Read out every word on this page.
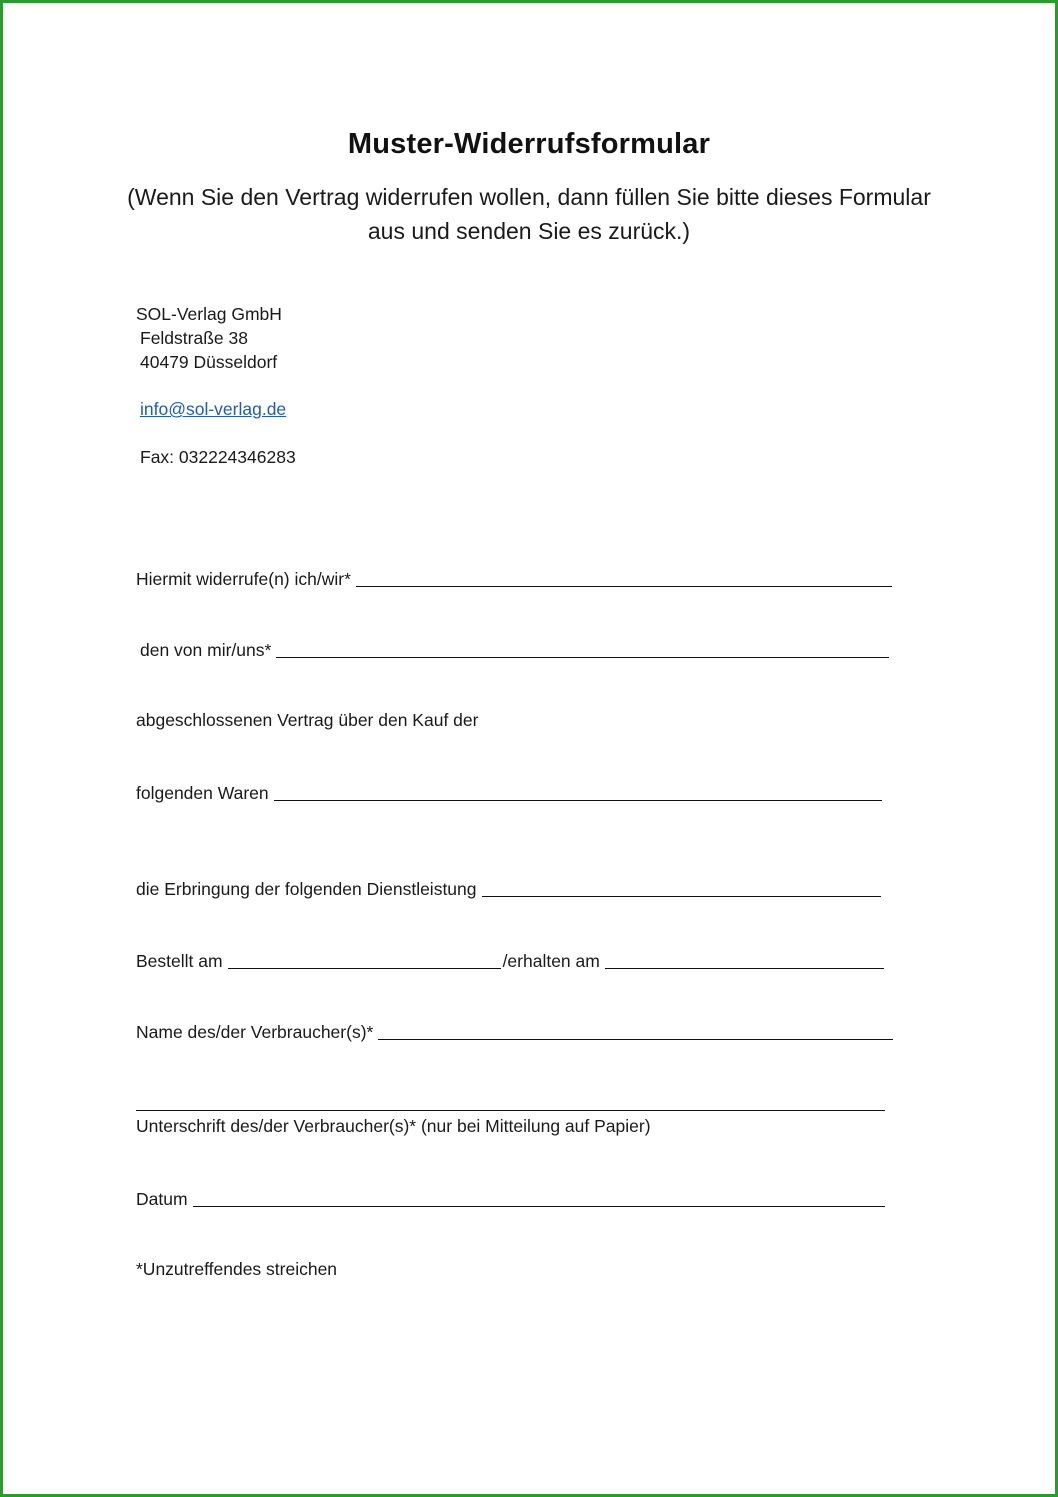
Muster-Widerrufsformular
(Wenn Sie den Vertrag widerrufen wollen, dann füllen Sie bitte dieses Formular
aus und senden Sie es zurück.)
SOL-Verlag GmbH
Feldstraße 38
40479 Düsseldorf
info@sol-verlag.de
Fax: 032224346283
Hiermit widerrufe(n) ich/wir*
den von mir/uns*
abgeschlossenen Vertrag über den Kauf der
folgenden Waren
die Erbringung der folgenden Dienstleistung
Bestellt am	/erhalten am
Name des/der Verbraucher(s)*
Unterschrift des/der Verbraucher(s)* (nur bei Mitteilung auf Papier)
Datum
*Unzutreffendes streichen
